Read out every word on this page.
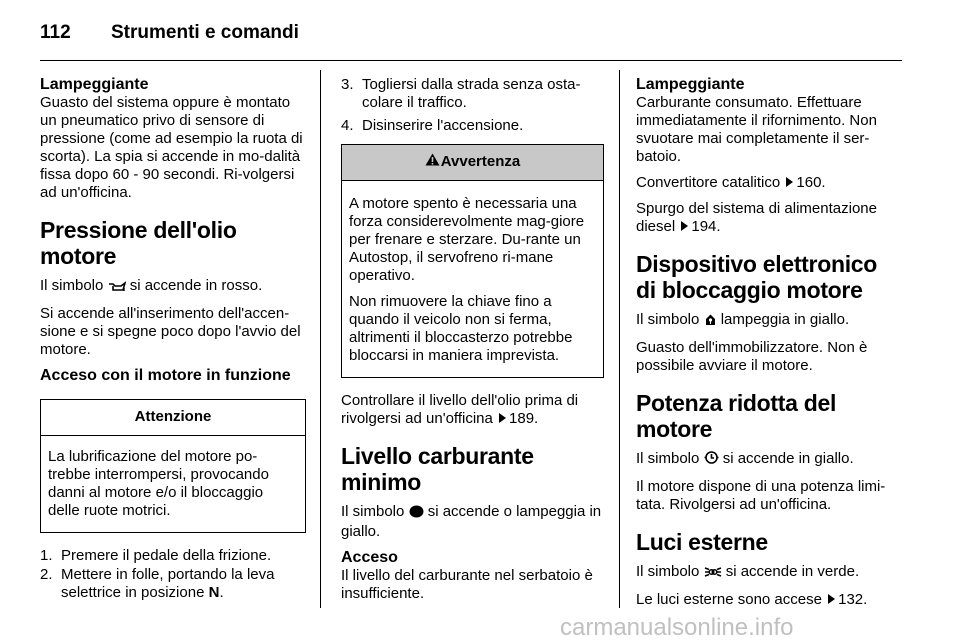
112 Strumenti e comandi
Lampeggiante

Guasto del sistema oppure è montato un pneumatico privo di sensore di pressione (come ad esempio la ruota di scorta). La spia si accende in mo-dalità fissa dopo 60 - 90 secondi. Ri-volgersi ad un'officina.

Pressione dell'olio motore

Il simbolo si accende in rosso.

Si accende all'inserimento dell'accen-sione e si spegne poco dopo l'avvio del motore.

Acceso con il motore in funzione
Attenzione

La lubrificazione del motore po-trebbe interrompersi, provocando danni al motore e/o il bloccaggio delle ruote motrici.

1. Premere il pedale della frizione.
2. Mettere in folle, portando la leva selettrice in posizione N.
3. Togliersi dalla strada senza osta-colare il traffico.
4. Disinserire l'accensione.
Avvertenza

A motore spento è necessaria una forza considerevolmente mag-giore per frenare e sterzare. Du-rante un Autostop, il servofreno ri-mane operativo.

Non rimuovere la chiave fino a quando il veicolo non si ferma, altrimenti il bloccasterzo potrebbe bloccarsi in maniera imprevista.

Controllare il livello dell'olio prima di rivolgersi ad un'officina 189.

Livello carburante minimo

Il simbolo si accende o lampeggia in giallo.

Acceso

Il livello del carburante nel serbatoio è insufficiente.

Lampeggiante

Carburante consumato. Effettuare immediatamente il rifornimento. Non svuotare mai completamente il ser-batoio.

Convertitore catalitico 160.

Spurgo del sistema di alimentazione diesel 194.

Dispositivo elettronico di bloccaggio motore

Il simbolo lampeggia in giallo.

Guasto dell'immobilizzatore. Non è possibile avviare il motore.

Potenza ridotta del motore

Il simbolo si accende in giallo.

Il motore dispone di una potenza limi-tata. Rivolgersi ad un'officina.

Luci esterne

Il simbolo si accende in verde.

Le luci esterne sono accese 132.

carmanualsonline.info
